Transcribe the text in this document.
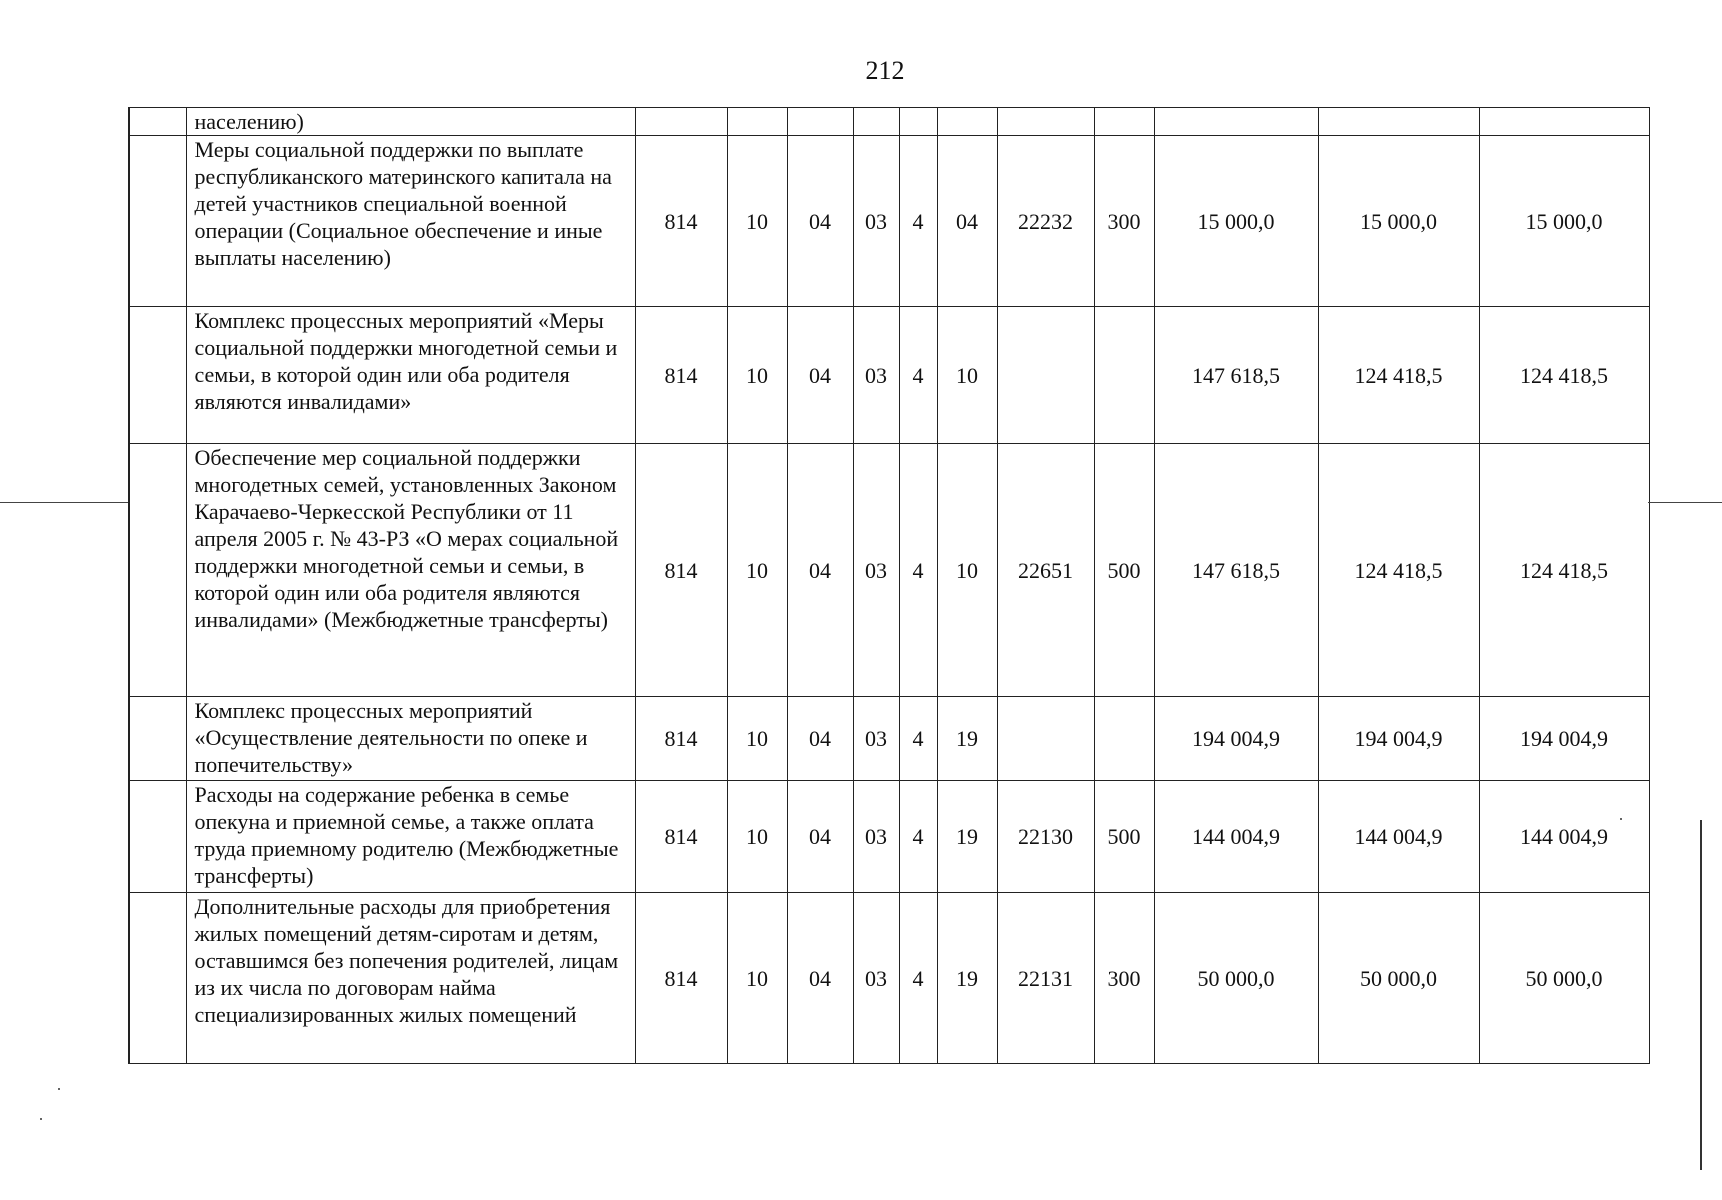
212
	населению)											
	Меры социальной поддержки по выплате республиканского материнского капитала на детей участников специальной военной операции (Социальное обеспечение и иные выплаты населению)	814	10	04	03	4	04	22232	300	15 000,0	15 000,0	15 000,0
	Комплекс процессных мероприятий «Меры социальной поддержки многодетной семьи и семьи, в которой один или оба родителя являются инвалидами»	814	10	04	03	4	10			147 618,5	124 418,5	124 418,5
	Обеспечение мер социальной поддержки многодетных семей, установленных Законом Карачаево-Черкесской Республики от 11 апреля 2005 г. № 43-РЗ «О мерах социальной поддержки многодетной семьи и семьи, в которой один или оба родителя являются инвалидами» (Межбюджетные трансферты)	814	10	04	03	4	10	22651	500	147 618,5	124 418,5	124 418,5
	Комплекс процессных мероприятий «Осуществление деятельности по опеке и попечительству»	814	10	04	03	4	19			194 004,9	194 004,9	194 004,9
	Расходы на содержание ребенка в семье опекуна и приемной семье, а также оплата труда приемному родителю (Межбюджетные трансферты)	814	10	04	03	4	19	22130	500	144 004,9	144 004,9	144 004,9
	Дополнительные расходы для приобретения жилых помещений детям-сиротам и детям, оставшимся без попечения родителей, лицам из их числа по договорам найма специализированных жилых помещений	814	10	04	03	4	19	22131	300	50 000,0	50 000,0	50 000,0
